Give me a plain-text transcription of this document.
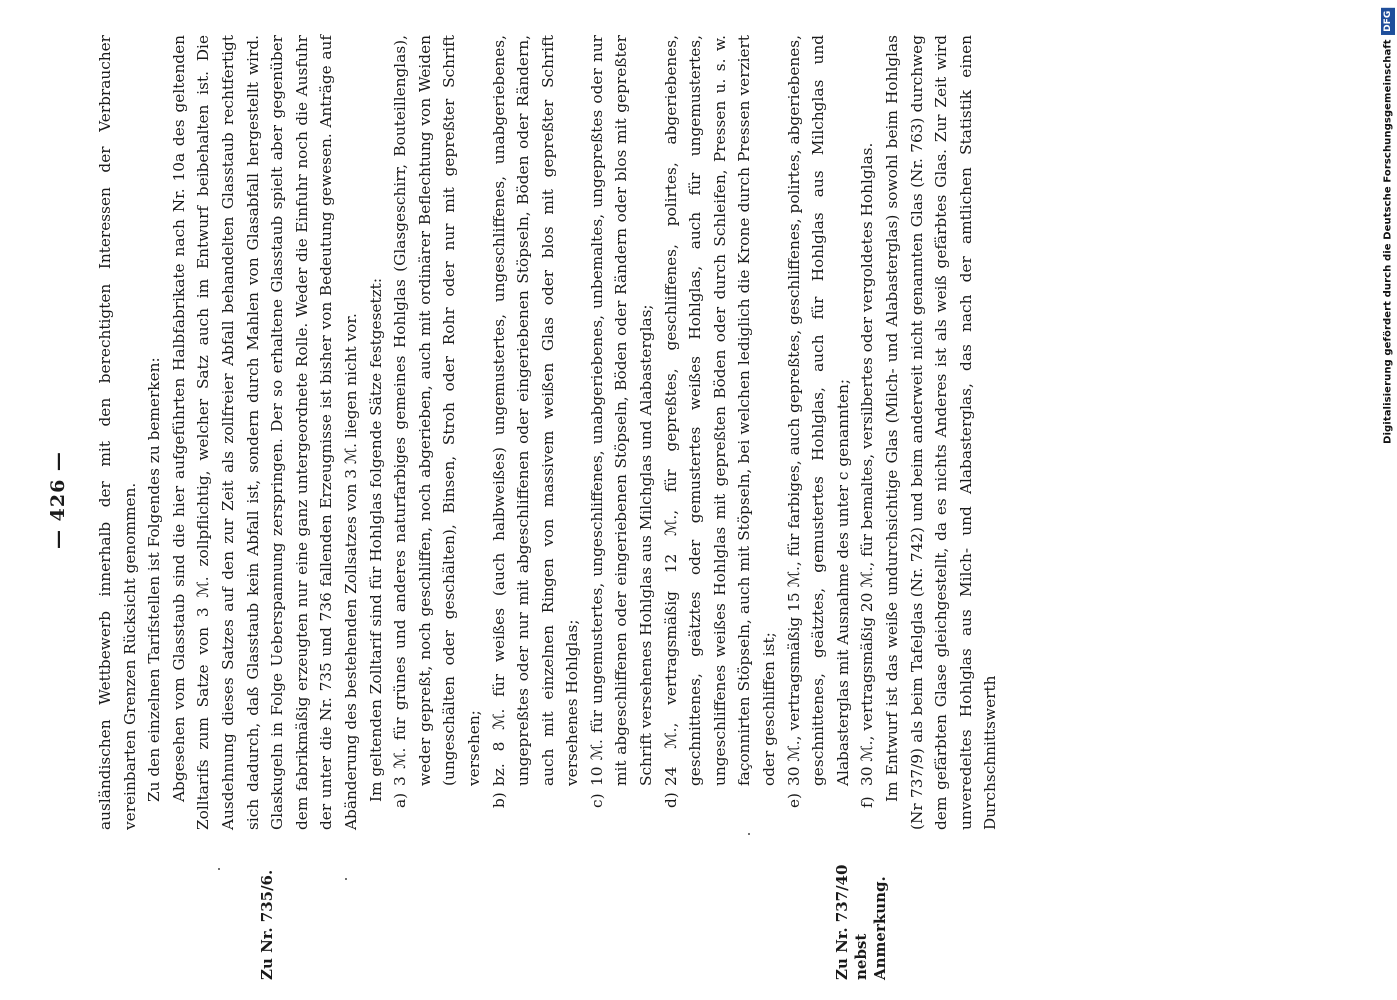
— 426 —
Zu Nr. 735/6.	Zu Nr. 737/40 nebst Anmerkung.

ausländischen Wettbewerb innerhalb der mit den berechtigten Interessen der Verbraucher vereinbarten Grenzen Rücksicht genommen. Zu den einzelnen Tarifstellen ist Folgendes zu bemerken: Abgesehen vom Glasstaub sind die hier aufgeführten Halbfabrikate nach Nr. 10a des geltenden Zolltarifs zum Satze von 3 ℳ. zollpflichtig, welcher Satz auch im Entwurf beibehalten ist. Die Ausdehnung dieses Satzes auf den zur Zeit als zollfreier Abfall behandelten Glasstaub rechtfertigt sich dadurch, daß Glasstaub kein Abfall ist, sondern durch Mahlen von Glasabfall hergestellt wird. Glaskugeln in Folge Ueberspannung zerspringen. Der so erhaltene Glasstaub spielt aber gegenüber dem fabrikmäßig erzeugten nur eine ganz untergeordnete Rolle. Weder die Einfuhr noch die Ausfuhr der unter die Nr. 735 und 736 fallenden Erzeugnisse ist bisher von Bedeutung gewesen. Anträge auf Abänderung des bestehenden Zollsatzes von 3 ℳ. liegen nicht vor. Im geltenden Zolltarif sind für Hohlglas folgende Sätze festgesetzt: a)
3 ℳ. für grünes und anderes naturfarbiges gemeines Hohlglas (Glasgeschirr, Bouteillenglas), weder gepreßt, noch geschliffen, noch abgerieben, auch mit ordinärer Beflechtung von Weiden (ungeschälten oder geschälten), Binsen, Stroh oder Rohr oder nur mit gepreßter Schrift versehen;
b)
bz. 8 ℳ. für weißes (auch halbweißes) ungemustertes, ungeschliffenes, unabgeriebenes, ungepreßtes oder nur mit abgeschliffenen oder eingeriebenen Stöpseln, Böden oder Rändern, auch mit einzelnen Ringen von massivem weißen Glas oder blos mit gepreßter Schrift versehenes Hohlglas;
c)
10 ℳ. für ungemustertes, ungeschliffenes, unabgeriebenes, unbemaltes, ungepreßtes oder nur mit abgeschliffenen oder eingeriebenen Stöpseln, Böden oder Rändern oder blos mit gepreßter Schrift versehenes Hohlglas aus Milchglas und Alabasterglas;
d)
24 ℳ., vertragsmäßig 12 ℳ., für gepreßtes, geschliffenes, polirtes, abgeriebenes, geschnittenes, geätztes oder gemustertes weißes Hohlglas, auch für ungemustertes, ungeschliffenes weißes Hohlglas mit gepreßten Böden oder durch Schleifen, Pressen u. s. w. façonnirten Stöpseln, auch mit Stöpseln, bei welchen lediglich die Krone durch Pressen verziert oder geschliffen ist;
e)
30 ℳ., vertragsmäßig 15 ℳ., für farbiges, auch gepreßtes, geschliffenes, polirtes, abgeriebenes, geschnittenes, geätztes, gemustertes Hohlglas, auch für Hohlglas aus Milchglas und Alabasterglas mit Ausnahme des unter c genannten;
f)
30 ℳ., vertragsmäßig 20 ℳ., für bemaltes, versilbertes oder vergoldetes Hohlglas. Im Entwurf ist das weiße undurchsichtige Glas (Milch- und Alabasterglas) sowohl beim Hohlglas (Nr 737/9) als beim Tafelglas (Nr. 742) und beim anderweit nicht genannten Glas (Nr. 763) durchweg dem gefärbten Glase gleichgestellt, da es nichts Anderes ist als weiß gefärbtes Glas. Zur Zeit wird unveredeltes Hohlglas aus Milch- und Alabasterglas, das nach der amtlichen Statistik einen Durchschnittswerth

Digitalisierung gefördert durch die Deutsche Forschungsgemeinschaft
DFG
